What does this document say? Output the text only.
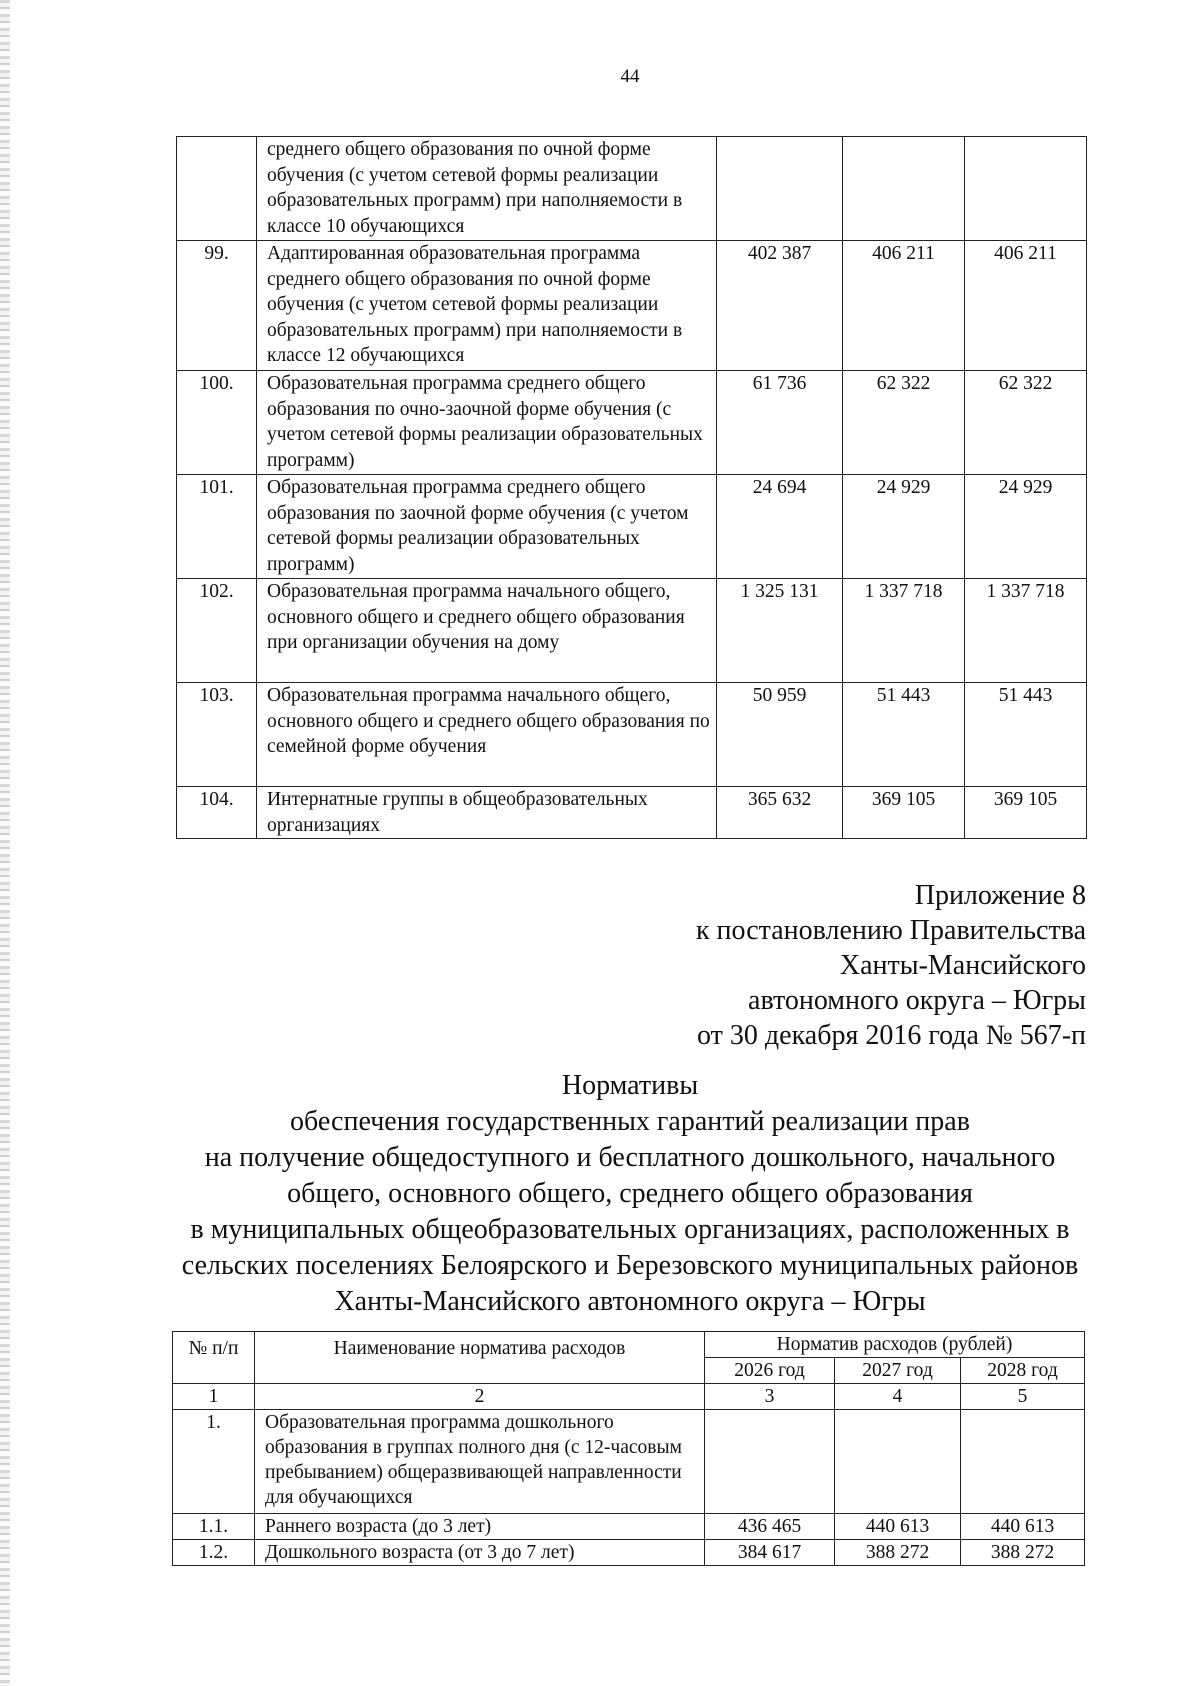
44
	среднего общего образования по очной форме обучения (с учетом сетевой формы реализации образовательных программ) при наполняемости в классе 10 обучающихся			
99.	Адаптированная образовательная программа среднего общего образования по очной форме обучения (с учетом сетевой формы реализации образовательных программ) при наполняемости в классе 12 обучающихся	402 387	406 211	406 211
100.	Образовательная программа среднего общего образования по очно-заочной форме обучения (с учетом сетевой формы реализации образовательных программ)	61 736	62 322	62 322
101.	Образовательная программа среднего общего образования по заочной форме обучения (с учетом сетевой формы реализации образовательных программ)	24 694	24 929	24 929
102.	Образовательная программа начального общего, основного общего и среднего общего образования при организации обучения на дому	1 325 131	1 337 718	1 337 718
103.	Образовательная программа начального общего, основного общего и среднего общего образования по семейной форме обучения	50 959	51 443	51 443
104.	Интернатные группы в общеобразовательных организациях	365 632	369 105	369 105
Приложение 8
к постановлению Правительства
Ханты-Мансийского
автономного округа – Югры
от 30 декабря 2016 года № 567-п
Нормативы
обеспечения государственных гарантий реализации прав
на получение общедоступного и бесплатного дошкольного, начального
общего, основного общего, среднего общего образования
в муниципальных общеобразовательных организациях, расположенных в
сельских поселениях Белоярского и Березовского муниципальных районов
Ханты-Мансийского автономного округа – Югры
№ п/п	Наименование норматива расходов	Норматив расходов (рублей)		
		2026 год	2027 год	2028 год
1	2	3	4	5
1.	Образовательная программа дошкольного образования в группах полного дня (с 12-часовым пребыванием) общеразвивающей направленности для обучающихся			
1.1.	Раннего возраста (до 3 лет)	436 465	440 613	440 613
1.2.	Дошкольного возраста (от 3 до 7 лет)	384 617	388 272	388 272
